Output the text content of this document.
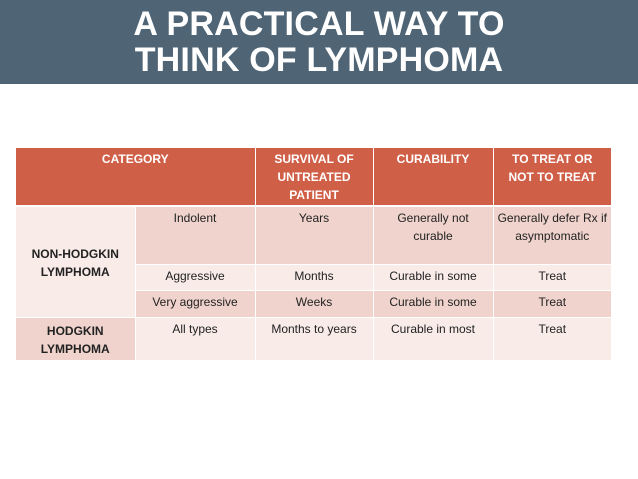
A PRACTICAL WAY TO
THINK OF LYMPHOMA
CATEGORY		SURVIVAL OF UNTREATED PATIENT	CURABILITY	TO TREAT OR NOT TO TREAT
NON-HODGKIN LYMPHOMA	Indolent	Years	Generally not curable	Generally defer Rx if asymptomatic
	Aggressive	Months	Curable in some	Treat
	Very aggressive	Weeks	Curable in some	Treat
HODGKIN LYMPHOMA	All types	Months to years	Curable in most	Treat
